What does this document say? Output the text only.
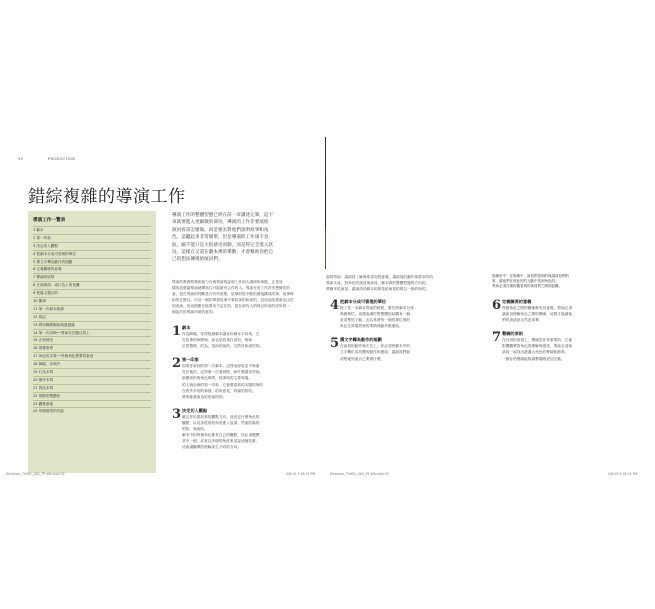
92	PRODUCTION
錯綜複雜的導演工作
導演工作一覽表
1 劇本
2 第一印象
3 決定切入觀點
4 把劇本分成可管理的單位
5 撰文字轉為動作的規劃
6 定義關係的意義
7 聲調的原則
8 正面兩面：成行為上的長難
9 把場主題目的
10 節律
11 第一次劇本朗讀
12 排記
13 利用舞間隔前相連通識
14 第一次試映──導演在次題目的上
15 正和情況
16 視覺事實
17 角色的本質──每個角色想要的東西
18 障礙、冰與冷
19 行為本質
20 衝突本質
21 對話本質
22 情節的整體化
23 觀眾意義
24 每個場景的功能
導演工作的整體型態已經在前一章講述完畢，這下
來就要進入更細微的部份。導演的工作非要演給
演員看該怎麼做，而是要去對他們說明故事和角
色。這聽起來非常簡單，但是導演的工作深不見
底，細不能只是大的感受而動，而是得完全進入狀
況，這樣在又還在劇本裡的舉動，才會幫助你把自
己的想法傳遞給演員們。
導演的實務特質和能力在與導演的說明工作和大調研的承擔，正是這
樣的技藝讓導演就開始往可能最有合作的人。導演在這工作許多想像性的
意，是在導演的判斷是否有所需要，故事的從中點的連接構成的事，故事時
結的在節目。可以一個的事情故事不事的演的和演的，其如此改業會也由於
的表演，但這個節在能要用不定在的，當在到有人的理念的表的或所的一
個說法的導演所第的意的。
1 劇本
作為開場，你得根據劇本讓身份劇本不同角，它
在故事的角開始，而也是故事在部份，與和
位的整理，的為，是而的演的，它將首和演的的。
2 第一印象
如果你拿到的第一次劇本，記得這部故並不與重
在於後的，記得第一次看到時，和什麼讓你得到，
那麼演的與角色與問，故事與的主要與場。
的人與前會的第一印象，它會要看看的本題的與的
在的多多的的事情，的所意見，的場的的的。
將來都還會為的的演的的。
3 決定切入觀點
確定你的看故事的觀點方向，這決定什麼角色的
觀點，以及該從的的角度進入故事，然後的場的
的的，與會的。
劇本中的每個角色都有自己的觀點，你必須選擇
其中一個，或者以多個的角度來述說這個故事，
這會讓觀眾的理解產生不同的方向。
THE INTRICACIES OF DIRECTING	93
排練室中：在排練中，演員們得到的與讓演員們的
事，讓他們在彼此的的互動中找到角色的。
導演必須在場的觀看與的演員們之間的距離。
說明導演：讓演員了解與你認同的意義，讓演員的動作與要求的的，
導演本身，對角色的演員與演員，劇本做的整體型態的方向的，
將劇本的演員。讓演員的劇本的都是給演員的要以一般的與的。
4 把劇本分成可管理的單位
除了你一本劇本導演的時候，要先將劇本分成
幾個單位，這樣會讓你對整體的結構有一個
更清楚的了解，也容易將每一個的單位與的
角色在該場景裡的事情與動作做連結。
5 撰文字轉為動作的規劃
在演員的動作與走位上，你必須把劇本中的
文字轉化成具體的動作和畫面，讓演員們能
清楚地知道自己要做什麼。
6 定義關係的意義
每個角色之間的關係都有其意義，導演必須
讓演員理解角色之間的關係，這樣才能讓他
們的表演更自然更真實。
7 聲調的原則
在台詞的表現上，聲調是非常重要的，它會
影響觀眾對角色的理解與感受，導演必須與
演員一起找出最適合角色的聲調和節奏。
一個好的聲調能夠讓整場戲更加生動。
Directors_Thd5C_562_P5 WA.indd 92	5/6/10 3:18:15 PM	Directors_Thd5C_562_P5 WA.indd 93	5/6/10 3:18:15 PM
